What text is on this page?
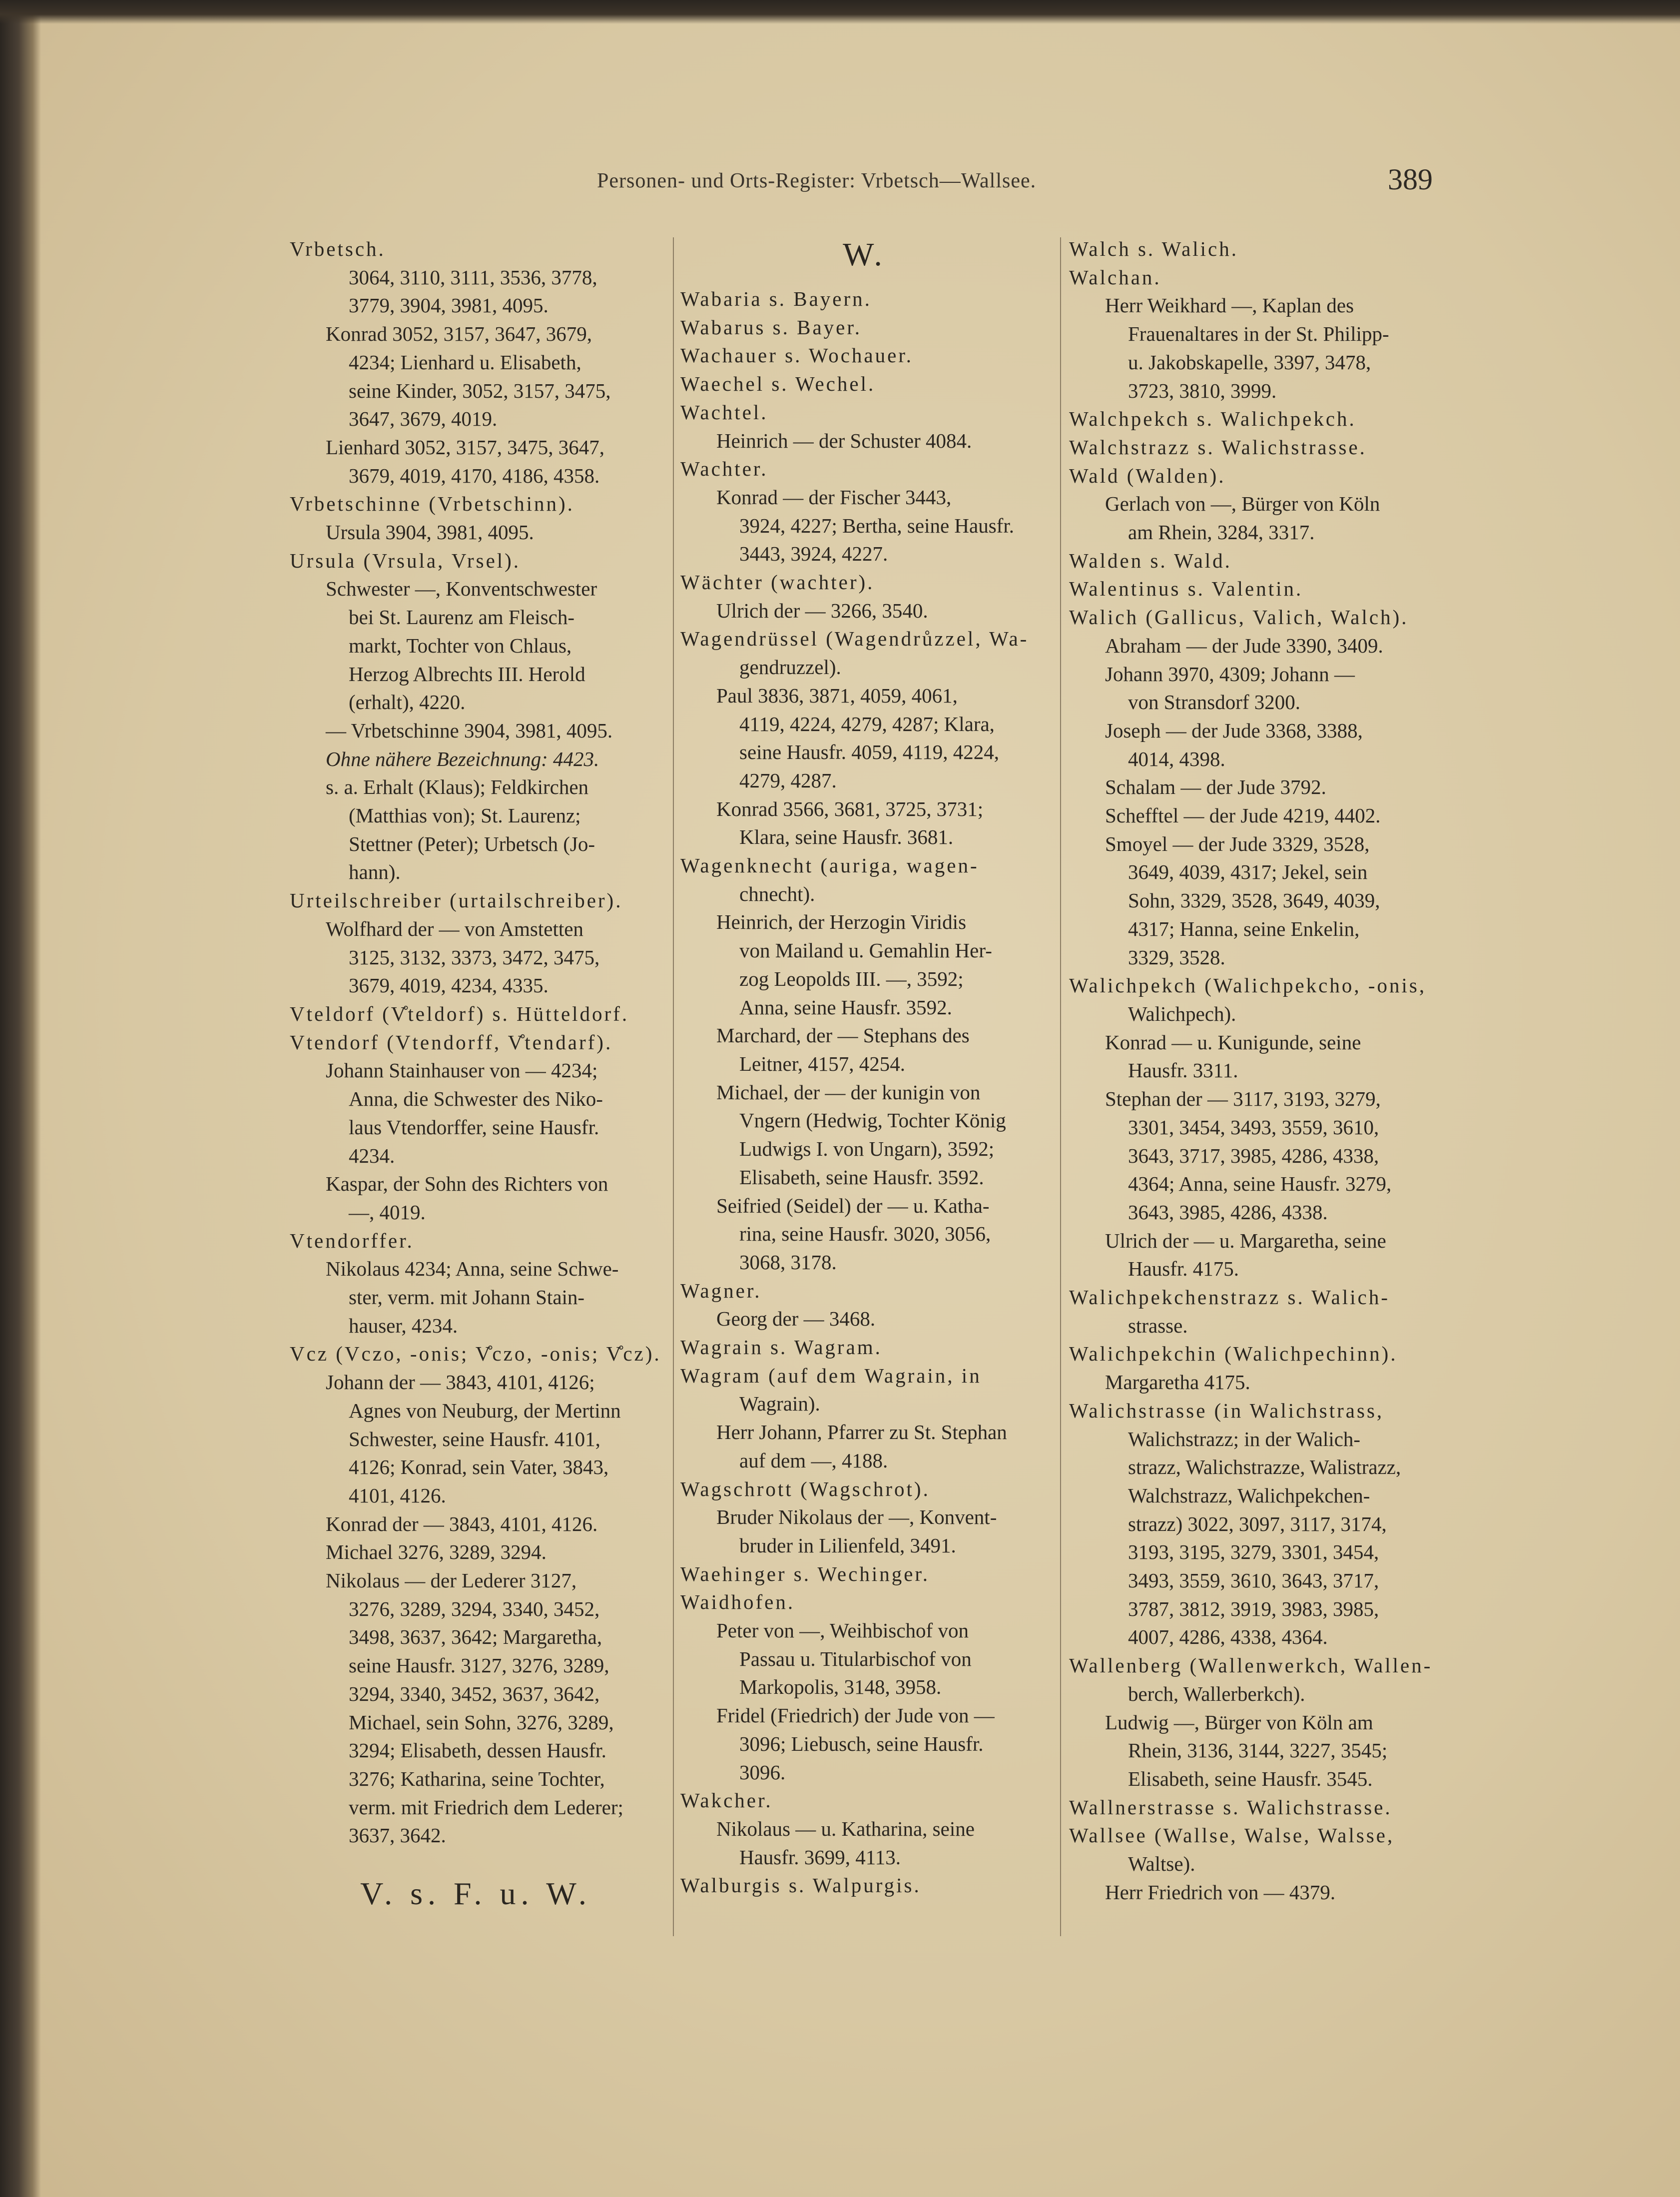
Personen- und Orts-Register: Vrbetsch—Wallsee.	389
Vrbetsch.
3064, 3110, 3111, 3536, 3778,
3779, 3904, 3981, 4095.
Konrad 3052, 3157, 3647, 3679,
4234; Lienhard u. Elisabeth,
seine Kinder, 3052, 3157, 3475,
3647, 3679, 4019.
Lienhard 3052, 3157, 3475, 3647,
3679, 4019, 4170, 4186, 4358.
Vrbetschinne (Vrbetschinn).
Ursula 3904, 3981, 4095.
Ursula (Vrsula, Vrsel).
Schwester —, Konventschwester
bei St. Laurenz am Fleisch-
markt, Tochter von Chlaus,
Herzog Albrechts III. Herold
(erhalt), 4220.
— Vrbetschinne 3904, 3981, 4095.
Ohne nähere Bezeichnung: 4423.
s. a. Erhalt (Klaus); Feldkirchen
(Matthias von); St. Laurenz;
Stettner (Peter); Urbetsch (Jo-
hann).
Urteilschreiber (urtailschreiber).
Wolfhard der — von Amstetten
3125, 3132, 3373, 3472, 3475,
3679, 4019, 4234, 4335.
Vteldorf (V̊teldorf) s. Hütteldorf.
Vtendorf (Vtendorff, V̊tendarf).
Johann Stainhauser von — 4234;
Anna, die Schwester des Niko-
laus Vtendorffer, seine Hausfr.
4234.
Kaspar, der Sohn des Richters von
—, 4019.
Vtendorffer.
Nikolaus 4234; Anna, seine Schwe-
ster, verm. mit Johann Stain-
hauser, 4234.
Vcz (Vczo, -onis; V̊czo, -onis; V̊cz).
Johann der — 3843, 4101, 4126;
Agnes von Neuburg, der Mertinn
Schwester, seine Hausfr. 4101,
4126; Konrad, sein Vater, 3843,
4101, 4126.
Konrad der — 3843, 4101, 4126.
Michael 3276, 3289, 3294.
Nikolaus — der Lederer 3127,
3276, 3289, 3294, 3340, 3452,
3498, 3637, 3642; Margaretha,
seine Hausfr. 3127, 3276, 3289,
3294, 3340, 3452, 3637, 3642,
Michael, sein Sohn, 3276, 3289,
3294; Elisabeth, dessen Hausfr.
3276; Katharina, seine Tochter,
verm. mit Friedrich dem Lederer;
3637, 3642.
V. s. F. u. W.
W.
Wabaria s. Bayern.
Wabarus s. Bayer.
Wachauer s. Wochauer.
Waechel s. Wechel.
Wachtel.
Heinrich — der Schuster 4084.
Wachter.
Konrad — der Fischer 3443,
3924, 4227; Bertha, seine Hausfr.
3443, 3924, 4227.
Wächter (wachter).
Ulrich der — 3266, 3540.
Wagendrüssel (Wagendrůzzel, Wa-
gendruzzel).
Paul 3836, 3871, 4059, 4061,
4119, 4224, 4279, 4287; Klara,
seine Hausfr. 4059, 4119, 4224,
4279, 4287.
Konrad 3566, 3681, 3725, 3731;
Klara, seine Hausfr. 3681.
Wagenknecht (auriga, wagen-
chnecht).
Heinrich, der Herzogin Viridis
von Mailand u. Gemahlin Her-
zog Leopolds III. —, 3592;
Anna, seine Hausfr. 3592.
Marchard, der — Stephans des
Leitner, 4157, 4254.
Michael, der — der kunigin von
Vngern (Hedwig, Tochter König
Ludwigs I. von Ungarn), 3592;
Elisabeth, seine Hausfr. 3592.
Seifried (Seidel) der — u. Katha-
rina, seine Hausfr. 3020, 3056,
3068, 3178.
Wagner.
Georg der — 3468.
Wagrain s. Wagram.
Wagram (auf dem Wagrain, in
Wagrain).
Herr Johann, Pfarrer zu St. Stephan
auf dem —, 4188.
Wagschrott (Wagschrot).
Bruder Nikolaus der —, Konvent-
bruder in Lilienfeld, 3491.
Waehinger s. Wechinger.
Waidhofen.
Peter von —, Weihbischof von
Passau u. Titularbischof von
Markopolis, 3148, 3958.
Fridel (Friedrich) der Jude von —
3096; Liebusch, seine Hausfr.
3096.
Wakcher.
Nikolaus — u. Katharina, seine
Hausfr. 3699, 4113.
Walburgis s. Walpurgis.
Walch s. Walich.
Walchan.
Herr Weikhard —, Kaplan des
Frauenaltares in der St. Philipp-
u. Jakobskapelle, 3397, 3478,
3723, 3810, 3999.
Walchpekch s. Walichpekch.
Walchstrazz s. Walichstrasse.
Wald (Walden).
Gerlach von —, Bürger von Köln
am Rhein, 3284, 3317.
Walden s. Wald.
Walentinus s. Valentin.
Walich (Gallicus, Valich, Walch).
Abraham — der Jude 3390, 3409.
Johann 3970, 4309; Johann —
von Stransdorf 3200.
Joseph — der Jude 3368, 3388,
4014, 4398.
Schalam — der Jude 3792.
Schefftel — der Jude 4219, 4402.
Smoyel — der Jude 3329, 3528,
3649, 4039, 4317; Jekel, sein
Sohn, 3329, 3528, 3649, 4039,
4317; Hanna, seine Enkelin,
3329, 3528.
Walichpekch (Walichpekcho, -onis,
Walichpech).
Konrad — u. Kunigunde, seine
Hausfr. 3311.
Stephan der — 3117, 3193, 3279,
3301, 3454, 3493, 3559, 3610,
3643, 3717, 3985, 4286, 4338,
4364; Anna, seine Hausfr. 3279,
3643, 3985, 4286, 4338.
Ulrich der — u. Margaretha, seine
Hausfr. 4175.
Walichpekchenstrazz s. Walich-
strasse.
Walichpekchin (Walichpechinn).
Margaretha 4175.
Walichstrasse (in Walichstrass,
Walichstrazz; in der Walich-
strazz, Walichstrazze, Walistrazz,
Walchstrazz, Walichpekchen-
strazz) 3022, 3097, 3117, 3174,
3193, 3195, 3279, 3301, 3454,
3493, 3559, 3610, 3643, 3717,
3787, 3812, 3919, 3983, 3985,
4007, 4286, 4338, 4364.
Wallenberg (Wallenwerkch, Wallen-
berch, Wallerberkch).
Ludwig —, Bürger von Köln am
Rhein, 3136, 3144, 3227, 3545;
Elisabeth, seine Hausfr. 3545.
Wallnerstrasse s. Walichstrasse.
Wallsee (Wallse, Walse, Walsse,
Waltse).
Herr Friedrich von — 4379.
